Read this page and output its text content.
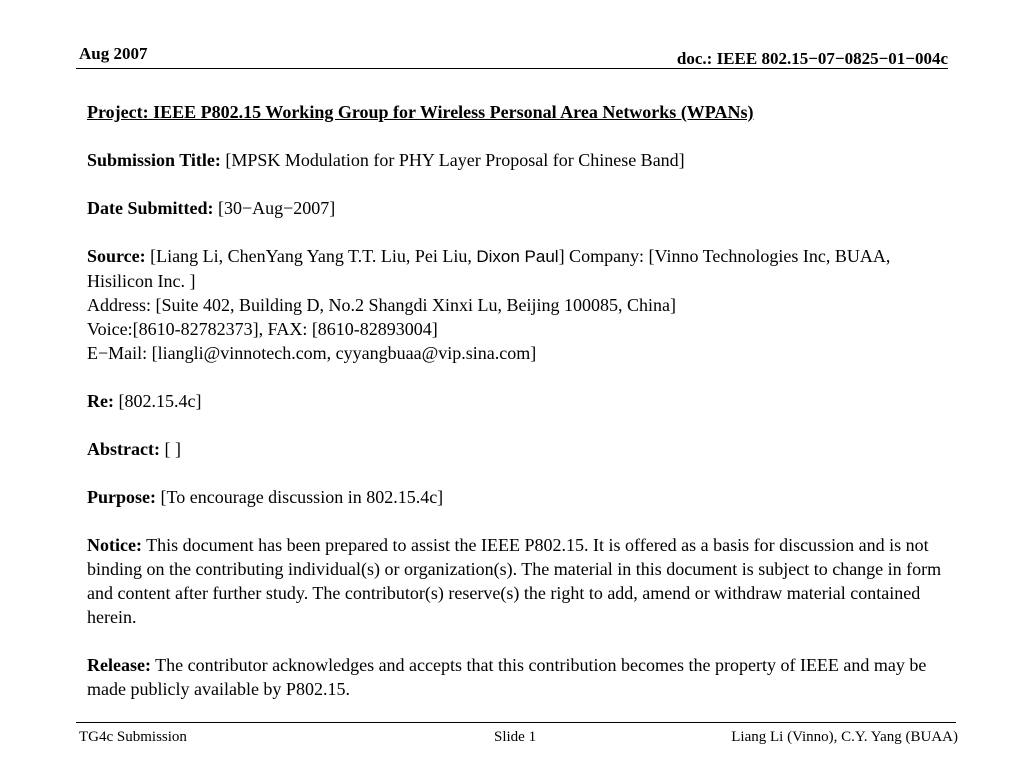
Aug 2007	doc.: IEEE 802.15−07−0825−01−004c

Project: IEEE P802.15 Working Group for Wireless Personal Area Networks (WPANs)

Submission Title: [MPSK Modulation for PHY Layer Proposal for Chinese Band]

Date Submitted: [30−Aug−2007]

Source: [Liang Li, ChenYang Yang T.T. Liu, Pei Liu, Dixon Paul] Company: [Vinno Technologies Inc, BUAA, Hisilicon Inc. ]

Address: [Suite 402, Building D, No.2 Shangdi Xinxi Lu, Beijing 100085, China]

Voice:[8610-82782373], FAX: [8610-82893004]

E−Mail: [liangli@vinnotech.com, cyyangbuaa@vip.sina.com]

Re: [802.15.4c]

Abstract: [ ]

Purpose: [To encourage discussion in 802.15.4c]

Notice: This document has been prepared to assist the IEEE P802.15. It is offered as a basis for discussion and is not binding on the contributing individual(s) or organization(s). The material in this document is subject to change in form and content after further study. The contributor(s) reserve(s) the right to add, amend or withdraw material contained herein.

Release: The contributor acknowledges and accepts that this contribution becomes the property of IEEE and may be made publicly available by P802.15.

TG4c Submission	Slide 1	Liang Li (Vinno), C.Y. Yang (BUAA)
